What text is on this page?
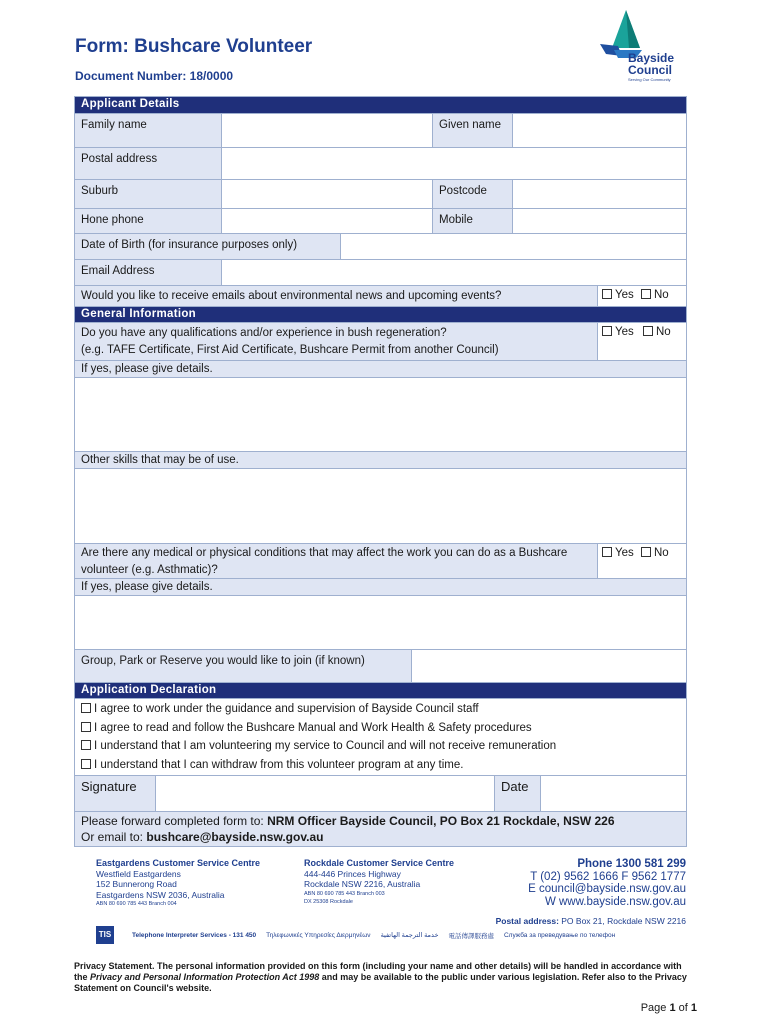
Form: Bushcare Volunteer
Document Number: 18/0000
Bayside
Council
Serving Our Community
Applicant Details
Family name	Given name
Postal address
Suburb	Postcode
Hone phone	Mobile
Date of Birth (for insurance purposes only)
Email Address
Would you like to receive emails about environmental news and upcoming events?	Yes No
General Information
Do you have any qualifications and/or experience in bush regeneration?
(e.g. TAFE Certificate, First Aid Certificate, Bushcare Permit from another Council)
Yes No
If yes, please give details.
Other skills that may be of use.
Are there any medical or physical conditions that may affect the work you can do as a Bushcare volunteer (e.g. Asthmatic)?
Yes No
If yes, please give details.
Group, Park or Reserve you would like to join (if known)
Application Declaration
I agree to work under the guidance and supervision of Bayside Council staff
I agree to read and follow the Bushcare Manual and Work Health & Safety procedures
I understand that I am volunteering my service to Council and will not receive remuneration
I understand that I can withdraw from this volunteer program at any time.
Signature	Date
Please forward completed form to: NRM Officer Bayside Council, PO Box 21 Rockdale, NSW 226
Or email to: bushcare@bayside.nsw.gov.au
Eastgardens Customer Service Centre
Westfield Eastgardens
152 Bunnerong Road
Eastgardens NSW 2036, Australia
ABN 80 690 785 443 Branch 004
Rockdale Customer Service Centre
444-446 Princes Highway
Rockdale NSW 2216, Australia
ABN 80 690 785 443 Branch 003
DX 25308 Rockdale
Phone 1300 581 299
T (02) 9562 1666 F 9562 1777
E council@bayside.nsw.gov.au
W www.bayside.nsw.gov.au
Postal address: PO Box 21, Rockdale NSW 2216
TIS	Telephone Interpreter Services - 131 450 Τηλεφωνικές Υπηρεσίες Διερμηνέων خدمة الترجمة الهاتفية 電話傳譯服務處 Служба за преведување по телефон
Privacy Statement. The personal information provided on this form (including your name and other details) will be handled in accordance with the Privacy and Personal Information Protection Act 1998 and may be available to the public under various legislation. Refer also to the Privacy Statement on Council's website.
Page 1 of 1
